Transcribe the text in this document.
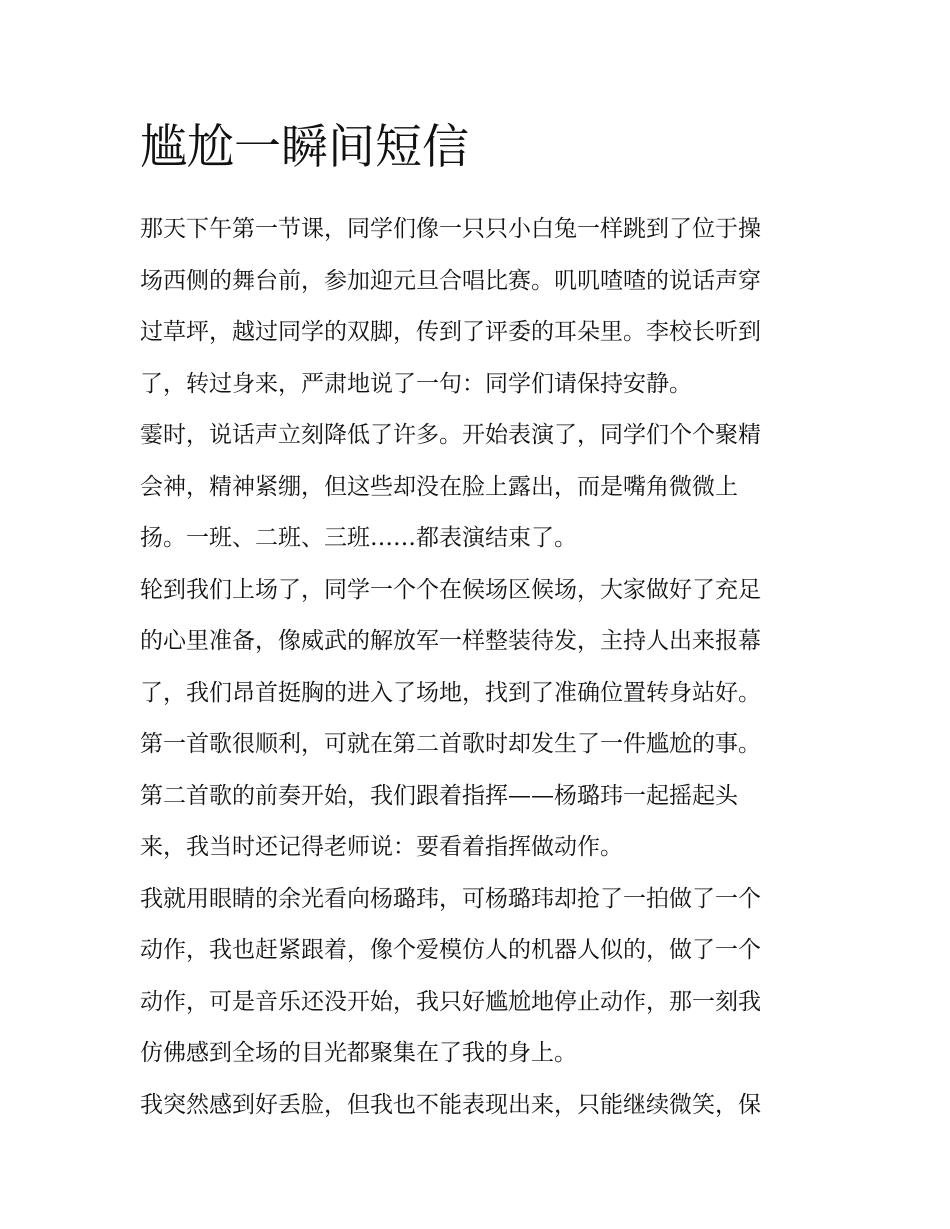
尴尬一瞬间短信

那天下午第一节课，同学们像一只只小白兔一样跳到了位于操
场西侧的舞台前，参加迎元旦合唱比赛。叽叽喳喳的说话声穿
过草坪，越过同学的双脚，传到了评委的耳朵里。李校长听到
了，转过身来，严肃地说了一句：同学们请保持安静。

霎时，说话声立刻降低了许多。开始表演了，同学们个个聚精
会神，精神紧绷，但这些却没在脸上露出，而是嘴角微微上
扬。一班、二班、三班……都表演结束了。

轮到我们上场了，同学一个个在候场区候场，大家做好了充足
的心里准备，像威武的解放军一样整装待发，主持人出来报幕
了，我们昂首挺胸的进入了场地，找到了准确位置转身站好。

第一首歌很顺利，可就在第二首歌时却发生了一件尴尬的事。

第二首歌的前奏开始，我们跟着指挥——杨璐玮一起摇起头
来，我当时还记得老师说：要看着指挥做动作。

我就用眼睛的余光看向杨璐玮，可杨璐玮却抢了一拍做了一个
动作，我也赶紧跟着，像个爱模仿人的机器人似的，做了一个
动作，可是音乐还没开始，我只好尴尬地停止动作，那一刻我
仿佛感到全场的目光都聚集在了我的身上。

我突然感到好丢脸，但我也不能表现出来，只能继续微笑，保
